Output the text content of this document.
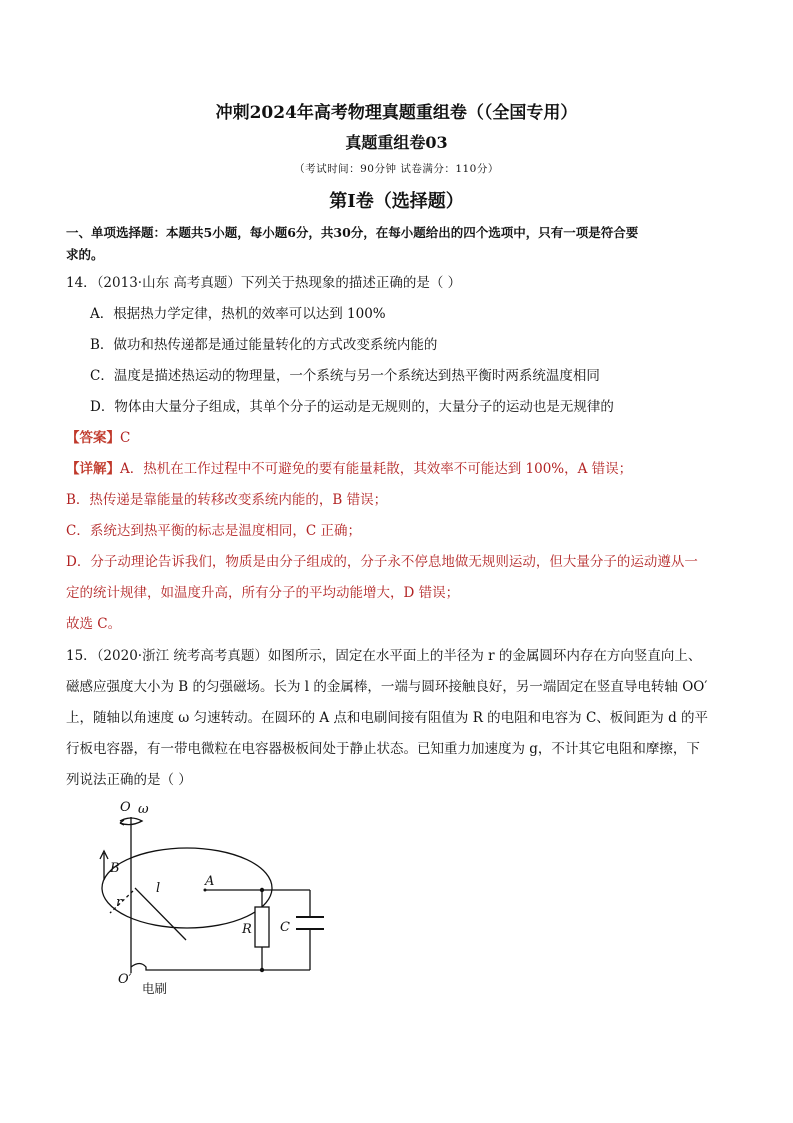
冲刺2024年高考物理真题重组卷（（全国专用）
真题重组卷03
（考试时间：90分钟 试卷满分：110分）
第I卷（选择题）
一、单项选择题：本题共5小题，每小题6分，共30分，在每小题给出的四个选项中，只有一项是符合要
求的。
14．（2013·山东 高考真题）下列关于热现象的描述正确的是（ ）
A．根据热力学定律，热机的效率可以达到 100%
B．做功和热传递都是通过能量转化的方式改变系统内能的
C．温度是描述热运动的物理量，一个系统与另一个系统达到热平衡时两系统温度相同
D．物体由大量分子组成，其单个分子的运动是无规则的，大量分子的运动也是无规律的
【答案】C
【详解】A．热机在工作过程中不可避免的要有能量耗散，其效率不可能达到 100%，A 错误；
B．热传递是靠能量的转移改变系统内能的，B 错误；
C．系统达到热平衡的标志是温度相同，C 正确；
D．分子动理论告诉我们，物质是由分子组成的，分子永不停息地做无规则运动，但大量分子的运动遵从一
定的统计规律，如温度升高，所有分子的平均动能增大，D 错误；
故选 C。
15．（2020·浙江 统考高考真题）如图所示，固定在水平面上的半径为 r 的金属圆环内存在方向竖直向上、
磁感应强度大小为 B 的匀强磁场。长为 l 的金属棒，一端与圆环接触良好，另一端固定在竖直导电转轴 OO′
上，随轴以角速度 ω 匀速转动。在圆环的 A 点和电刷间接有阻值为 R 的电阻和电容为 C、板间距为 d 的平
行板电容器，有一带电微粒在电容器极板间处于静止状态。已知重力加速度为 g，不计其它电阻和摩擦，下
列说法正确的是（ ）
O ω
B
A
r
l
R C
O′
电刷
